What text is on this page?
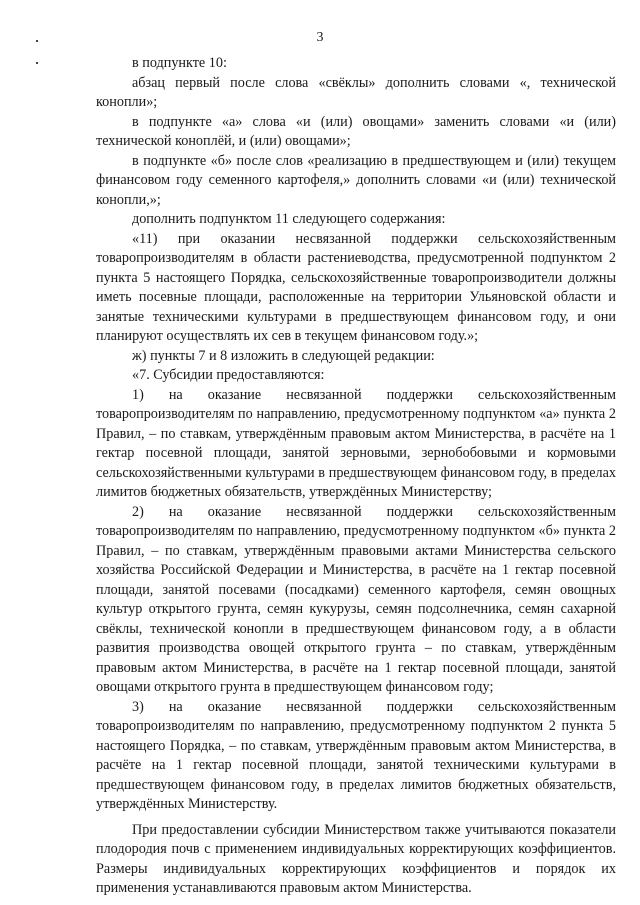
3

в подпункте 10:

абзац первый после слова «свёклы» дополнить словами «, технической конопли»;

в подпункте «а» слова «и (или) овощами» заменить словами «и (или) технической коноплёй, и (или) овощами»;

в подпункте «б» после слов «реализацию в предшествующем и (или) текущем финансовом году семенного картофеля,» дополнить словами «и (или) технической конопли,»;

дополнить подпунктом 11 следующего содержания:

«11) при оказании несвязанной поддержки сельскохозяйственным товаропроизводителям в области растениеводства, предусмотренной подпунктом 2 пункта 5 настоящего Порядка, сельскохозяйственные товаропроизводители должны иметь посевные площади, расположенные на территории Ульяновской области и занятые техническими культурами в предшествующем финансовом году, и они планируют осуществлять их сев в текущем финансовом году.»;

ж) пункты 7 и 8 изложить в следующей редакции:

«7. Субсидии предоставляются:

1) на оказание несвязанной поддержки сельскохозяйственным товаропроизводителям по направлению, предусмотренному подпунктом «а» пункта 2 Правил, – по ставкам, утверждённым правовым актом Министерства, в расчёте на 1 гектар посевной площади, занятой зерновыми, зернобобовыми и кормовыми сельскохозяйственными культурами в предшествующем финансовом году, в пределах лимитов бюджетных обязательств, утверждённых Министерству;

2) на оказание несвязанной поддержки сельскохозяйственным товаропроизводителям по направлению, предусмотренному подпунктом «б» пункта 2 Правил, – по ставкам, утверждённым правовыми актами Министерства сельского хозяйства Российской Федерации и Министерства, в расчёте на 1 гектар посевной площади, занятой посевами (посадками) семенного картофеля, семян овощных культур открытого грунта, семян кукурузы, семян подсолнечника, семян сахарной свёклы, технической конопли в предшествующем финансовом году, а в области развития производства овощей открытого грунта – по ставкам, утверждённым правовым актом Министерства, в расчёте на 1 гектар посевной площади, занятой овощами открытого грунта в предшествующем финансовом году;

3) на оказание несвязанной поддержки сельскохозяйственным товаропроизводителям по направлению, предусмотренному подпунктом 2 пункта 5 настоящего Порядка, – по ставкам, утверждённым правовым актом Министерства, в расчёте на 1 гектар посевной площади, занятой техническими культурами в предшествующем финансовом году, в пределах лимитов бюджетных обязательств, утверждённых Министерству.

При предоставлении субсидии Министерством также учитываются показатели плодородия почв с применением индивидуальных корректирующих коэффициентов. Размеры индивидуальных корректирующих коэффициентов и порядок их применения устанавливаются правовым актом Министерства.
